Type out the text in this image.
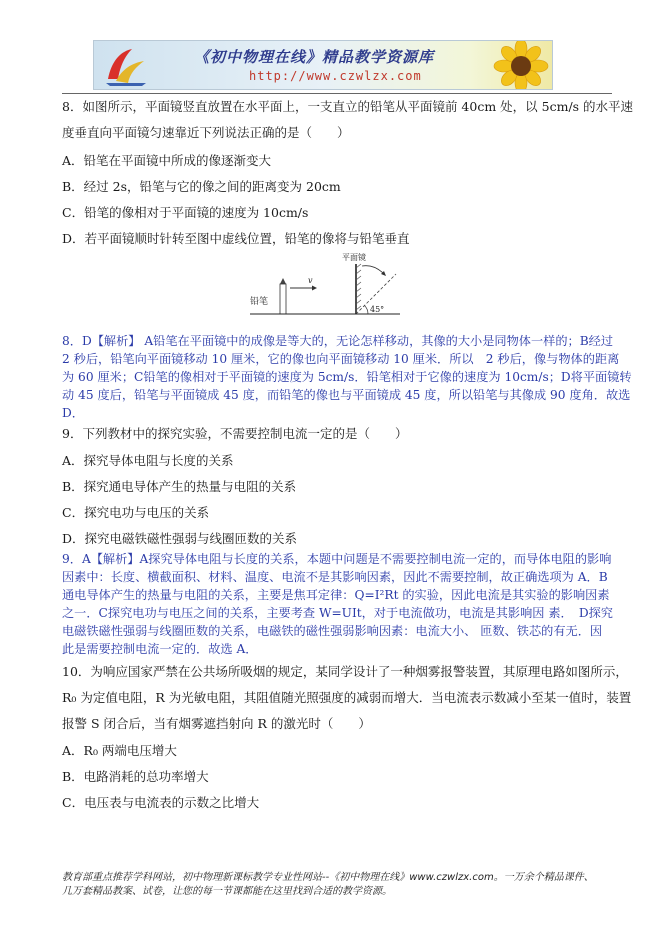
《初中物理在线》精品教学资源库
http://www.czwlzx.com
8．如图所示，平面镜竖直放置在水平面上，一支直立的铅笔从平面镜前 40cm 处，以 5cm/s 的水平速
度垂直向平面镜匀速靠近下列说法正确的是（　　）
A．铅笔在平面镜中所成的像逐渐变大
B．经过 2s，铅笔与它的像之间的距离变为 20cm
C．铅笔的像相对于平面镜的速度为 10cm/s
D．若平面镜顺时针转至图中虚线位置，铅笔的像将与铅笔垂直
铅笔
v
平面镜
45°
8．D【解析】 A铅笔在平面镜中的成像是等大的，无论怎样移动，其像的大小是同物体一样的；B经过
2 秒后，铅笔向平面镜移动 10 厘米，它的像也向平面镜移动 10 厘米．所以　2 秒后，像与物体的距离
为 60 厘米；C铅笔的像相对于平面镜的速度为 5cm/s．铅笔相对于它像的速度为 10cm/s；D将平面镜转
动 45 度后，铅笔与平面镜成 45 度，而铅笔的像也与平面镜成 45 度，所以铅笔与其像成 90 度角．故选
D．
9．下列教材中的探究实验，不需要控制电流一定的是（　　）
A．探究导体电阻与长度的关系
B．探究通电导体产生的热量与电阻的关系
C．探究电功与电压的关系
D．探究电磁铁磁性强弱与线圈匝数的关系
9．A【解析】A探究导体电阻与长度的关系，本题中问题是不需要控制电流一定的，而导体电阻的影响
因素中：长度、横截面积、材料、温度、电流不是其影响因素，因此不需要控制，故正确选项为 A．B
通电导体产生的热量与电阻的关系，主要是焦耳定律：Q=I²Rt 的实验，因此电流是其实验的影响因素
之一．C探究电功与电压之间的关系，主要考查 W=UIt，对于电流做功，电流是其影响因 素．　D探究
电磁铁磁性强弱与线圈匝数的关系，电磁铁的磁性强弱影响因素：电流大小、 匝数、铁芯的有无．因
此是需要控制电流一定的．故选 A．
10．为响应国家严禁在公共场所吸烟的规定，某同学设计了一种烟雾报警装置，其原理电路如图所示，
R₀ 为定值电阻，R 为光敏电阻，其阻值随光照强度的减弱而增大．当电流表示数减小至某一值时，装置
报警 S 闭合后，当有烟雾遮挡射向 R 的激光时（　　）
A．R₀ 两端电压增大
B．电路消耗的总功率增大
C．电压表与电流表的示数之比增大
教育部重点推荐学科网站，初中物理新课标教学专业性网站--《初中物理在线》www.czwlzx.com。一万余个精品课件、
几万套精品教案、试卷，让您的每一节课都能在这里找到合适的教学资源。
